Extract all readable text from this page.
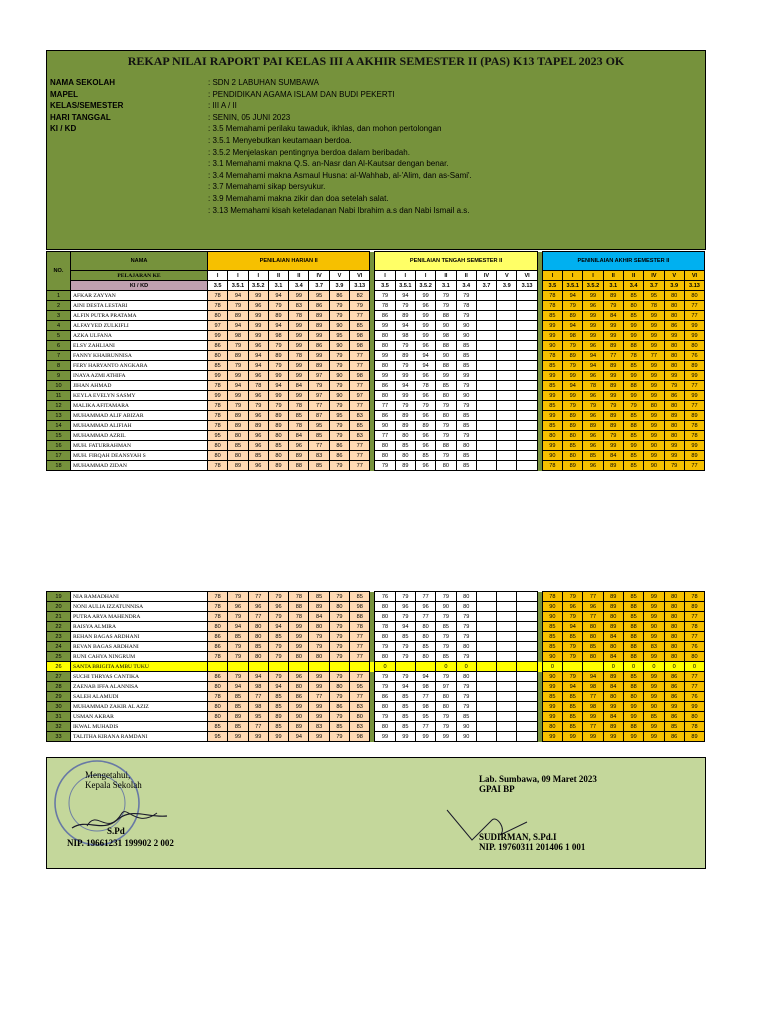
REKAP NILAI RAPORT PAI KELAS III A AKHIR SEMESTER II (PAS) K13 TAPEL 2023 OK
NAMA SEKOLAH	: SDN 2 LABUHAN SUMBAWA
MAPEL	: PENDIDIKAN AGAMA ISLAM DAN BUDI PEKERTI
KELAS/SEMESTER	: III A / II
HARI TANGGAL	: SENIN, 05 JUNI 2023
KI / KD	: 3.5 Memahami perilaku tawaduk, ikhlas, dan mohon pertolongan
: 3.5.1 Menyebutkan keutamaan berdoa.
: 3.5.2 Menjelaskan pentingnya berdoa dalam beribadah.
: 3.1 Memahami makna Q.S. an-Nasr dan Al-Kautsar dengan benar.
: 3.4 Memahami makna Asmaul Husna: al-Wahhab, al-'Alim, dan as-Sami'.
: 3.7 Memahami sikap bersyukur.
: 3.9 Memahami makna zikir dan doa setelah salat.
: 3.13 Memahami kisah keteladanan Nabi Ibrahim a.s dan Nabi Ismail a.s.
NO.	NAMA	PENILAIAN HARIAN II									PENILAIAN TENGAH SEMESTER II									PENINILAIAN AKHIR SEMESTER II							

	PELAJARAN KE	I	I	I	II	II	IV	V	VI		I	I	I	II	II	IV	V	VI		I	I	I	II	II	IV	V	VI
	KI / KD	3.5	3.5.1	3.5.2	3.1	3.4	3.7	3.9	3.13		3.5	3.5.1	3.5.2	3.1	3.4	3.7	3.9	3.13		3.5	3.5.1	3.5.2	3.1	3.4	3.7	3.9	3.13
1	AFKAR ZAYYAN	78	94	99	94	99	95	86	82		79	94	99	79	79					78	94	99	89	85	95	80	80
2	AINI DESTA LESTARI	78	79	96	79	83	86	79	79		78	79	96	79	78					78	79	96	79	80	78	80	77
3	ALFIN PUTRA PRATAMA	80	89	99	89	78	89	79	77		86	89	99	88	79					85	89	99	84	85	99	80	77
4	ALFAYYED ZULKIFLI	97	94	99	94	99	89	90	85		99	94	99	90	90					99	94	99	99	99	99	86	99
5	AZKA ULFANA	99	98	99	98	99	99	95	98		80	98	99	98	90					99	98	99	99	99	99	99	99
6	ELSY ZAHLIANI	86	79	96	79	99	86	90	98		80	79	96	88	85					90	79	96	89	88	99	80	80
7	FANNY KHAIRUNNISA	80	89	94	89	78	99	79	77		99	89	94	90	85					78	89	94	77	78	77	80	76
8	FERY HARYANTO ANGKARA	85	79	94	79	99	89	79	77		80	79	94	88	85					85	79	94	89	85	99	80	89
9	INAYA AZMI ATHIFA	99	99	96	99	99	97	90	98		99	99	96	99	99					99	99	96	99	99	99	99	99
10	JIHAN AHMAD	78	94	78	94	84	79	79	77		86	94	78	85	79					85	94	78	89	88	99	79	77
11	KEYLA EVELYN SASMY	99	99	96	99	99	97	90	97		80	99	96	80	90					99	99	96	99	99	99	86	99
12	MALIKA AFITAMARA	78	79	79	79	78	77	79	77		77	79	79	79	79					85	79	79	79	79	80	80	77
13	MUHAMMAD ALIF ABIZAR	78	89	96	89	85	87	95	83		86	89	96	80	85					99	89	96	89	85	99	89	89
14	MUHAMMAD ALIFIAH	78	89	89	89	78	95	79	85		90	89	89	79	85					85	89	89	89	88	99	80	78
15	MUHAMMAD AZRIL	95	80	96	80	84	85	79	83		77	80	96	79	79					80	80	96	79	85	99	80	78
16	MUH. FATURRAHMAN	80	85	96	85	96	77	86	77		80	85	96	88	80					99	85	96	99	99	90	99	99
17	MUH. FIRQAH DEANSYAH S	80	80	85	80	89	83	86	77		80	80	85	79	85					90	80	85	84	85	99	99	89
18	MUHAMMAD ZIDAN	78	89	96	89	88	85	79	77		79	89	96	80	85					78	89	96	89	85	90	79	77
19	NIA RAMADHANI	78	79	77	79	78	85	79	85		76	79	77	79	80					78	79	77	89	85	99	80	78
20	NONI AULIA IZZATUNNISA	78	96	96	96	88	89	80	98		80	96	96	90	80					90	96	96	89	88	99	80	89
21	PUTRA ARYA MAHENDRA	78	79	77	79	78	84	79	88		80	79	77	79	79					90	79	77	80	85	99	80	77
22	RAISYA ALMIRA	80	94	80	94	99	80	79	78		78	94	80	85	79					85	94	80	89	88	90	80	78
23	REHAN BAGAS ARDHANI	86	85	80	85	99	79	79	77		80	85	80	79	79					85	85	80	84	88	99	80	77
24	REVAN BAGAS ARDHANI	86	79	85	79	99	79	79	77		79	79	85	79	80					85	79	85	80	88	83	80	76
25	RUNI CAHYA NINGRUM	78	79	80	79	80	80	79	77		80	79	80	85	79					90	79	80	84	88	99	80	80
26	SANTA BRIGITA AMBU TUKU										0			0	0					0			0	0	0	0	0
27	SUCHI THRYAS CANTIKA	86	79	94	79	96	99	79	77		79	79	94	79	80					90	79	94	89	85	99	86	77
28	ZAENAB IFFA ALANNISA	80	94	98	94	80	99	80	95		79	94	98	97	79					99	94	98	84	88	99	86	77
29	SALEH ALAMUDI	78	85	77	85	86	77	79	77		86	85	77	80	79					85	85	77	80	80	99	86	76
30	MUHAMMAD ZAKIR AL AZIZ	80	85	98	85	99	99	86	83		80	85	98	80	79					99	85	98	99	99	90	99	99
31	USMAN AKBAR	80	89	95	89	90	99	79	80		79	85	95	79	85					99	85	99	84	99	85	86	80
32	IKWAL MUHADIS	85	85	77	85	89	83	85	83		80	85	77	79	90					80	85	77	89	88	99	85	78
33	TALITHA KIRANA RAMDANI	95	99	99	99	94	99	79	98		99	99	99	99	90					99	99	99	99	99	99	86	89
Mengetahui,
Kepala Sekolah
S.Pd
NIP. 19661231 199902 2 002
Lab. Sumbawa, 09 Maret 2023
GPAI BP
SUDIRMAN, S.Pd.I
NIP. 19760311 201406 1 001
